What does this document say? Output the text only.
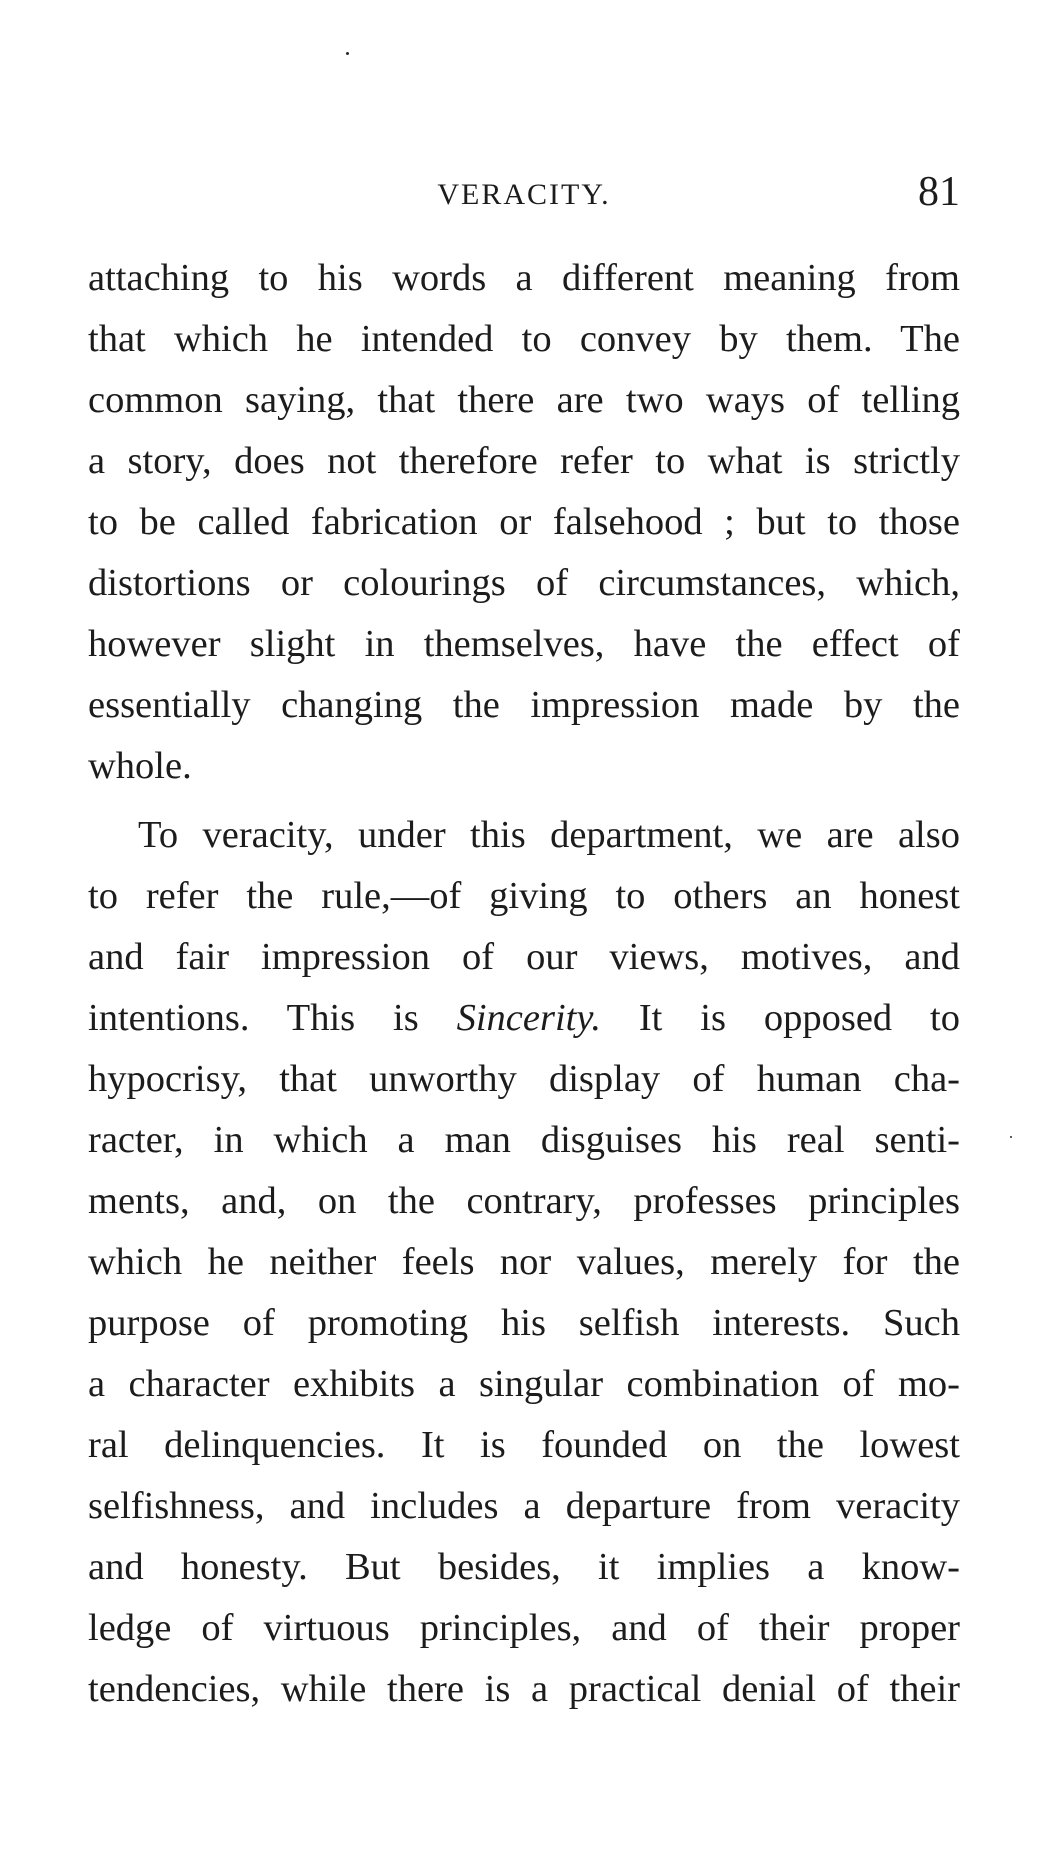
VERACITY.	81
attaching to his words a different meaning from
that which he intended to convey by them. The
common saying, that there are two ways of telling
a story, does not therefore refer to what is strictly
to be called fabrication or falsehood ; but to those
distortions or colourings of circumstances, which,
however slight in themselves, have the effect of
essentially changing the impression made by the
whole.
To veracity, under this department, we are also
to refer the rule,—of giving to others an honest
and fair impression of our views, motives, and
intentions. This is Sincerity. It is opposed to
hypocrisy, that unworthy display of human cha-
racter, in which a man disguises his real senti-
ments, and, on the contrary, professes principles
which he neither feels nor values, merely for the
purpose of promoting his selfish interests. Such
a character exhibits a singular combination of mo-
ral delinquencies. It is founded on the lowest
selfishness, and includes a departure from veracity
and honesty. But besides, it implies a know-
ledge of virtuous principles, and of their proper
tendencies, while there is a practical denial of their
